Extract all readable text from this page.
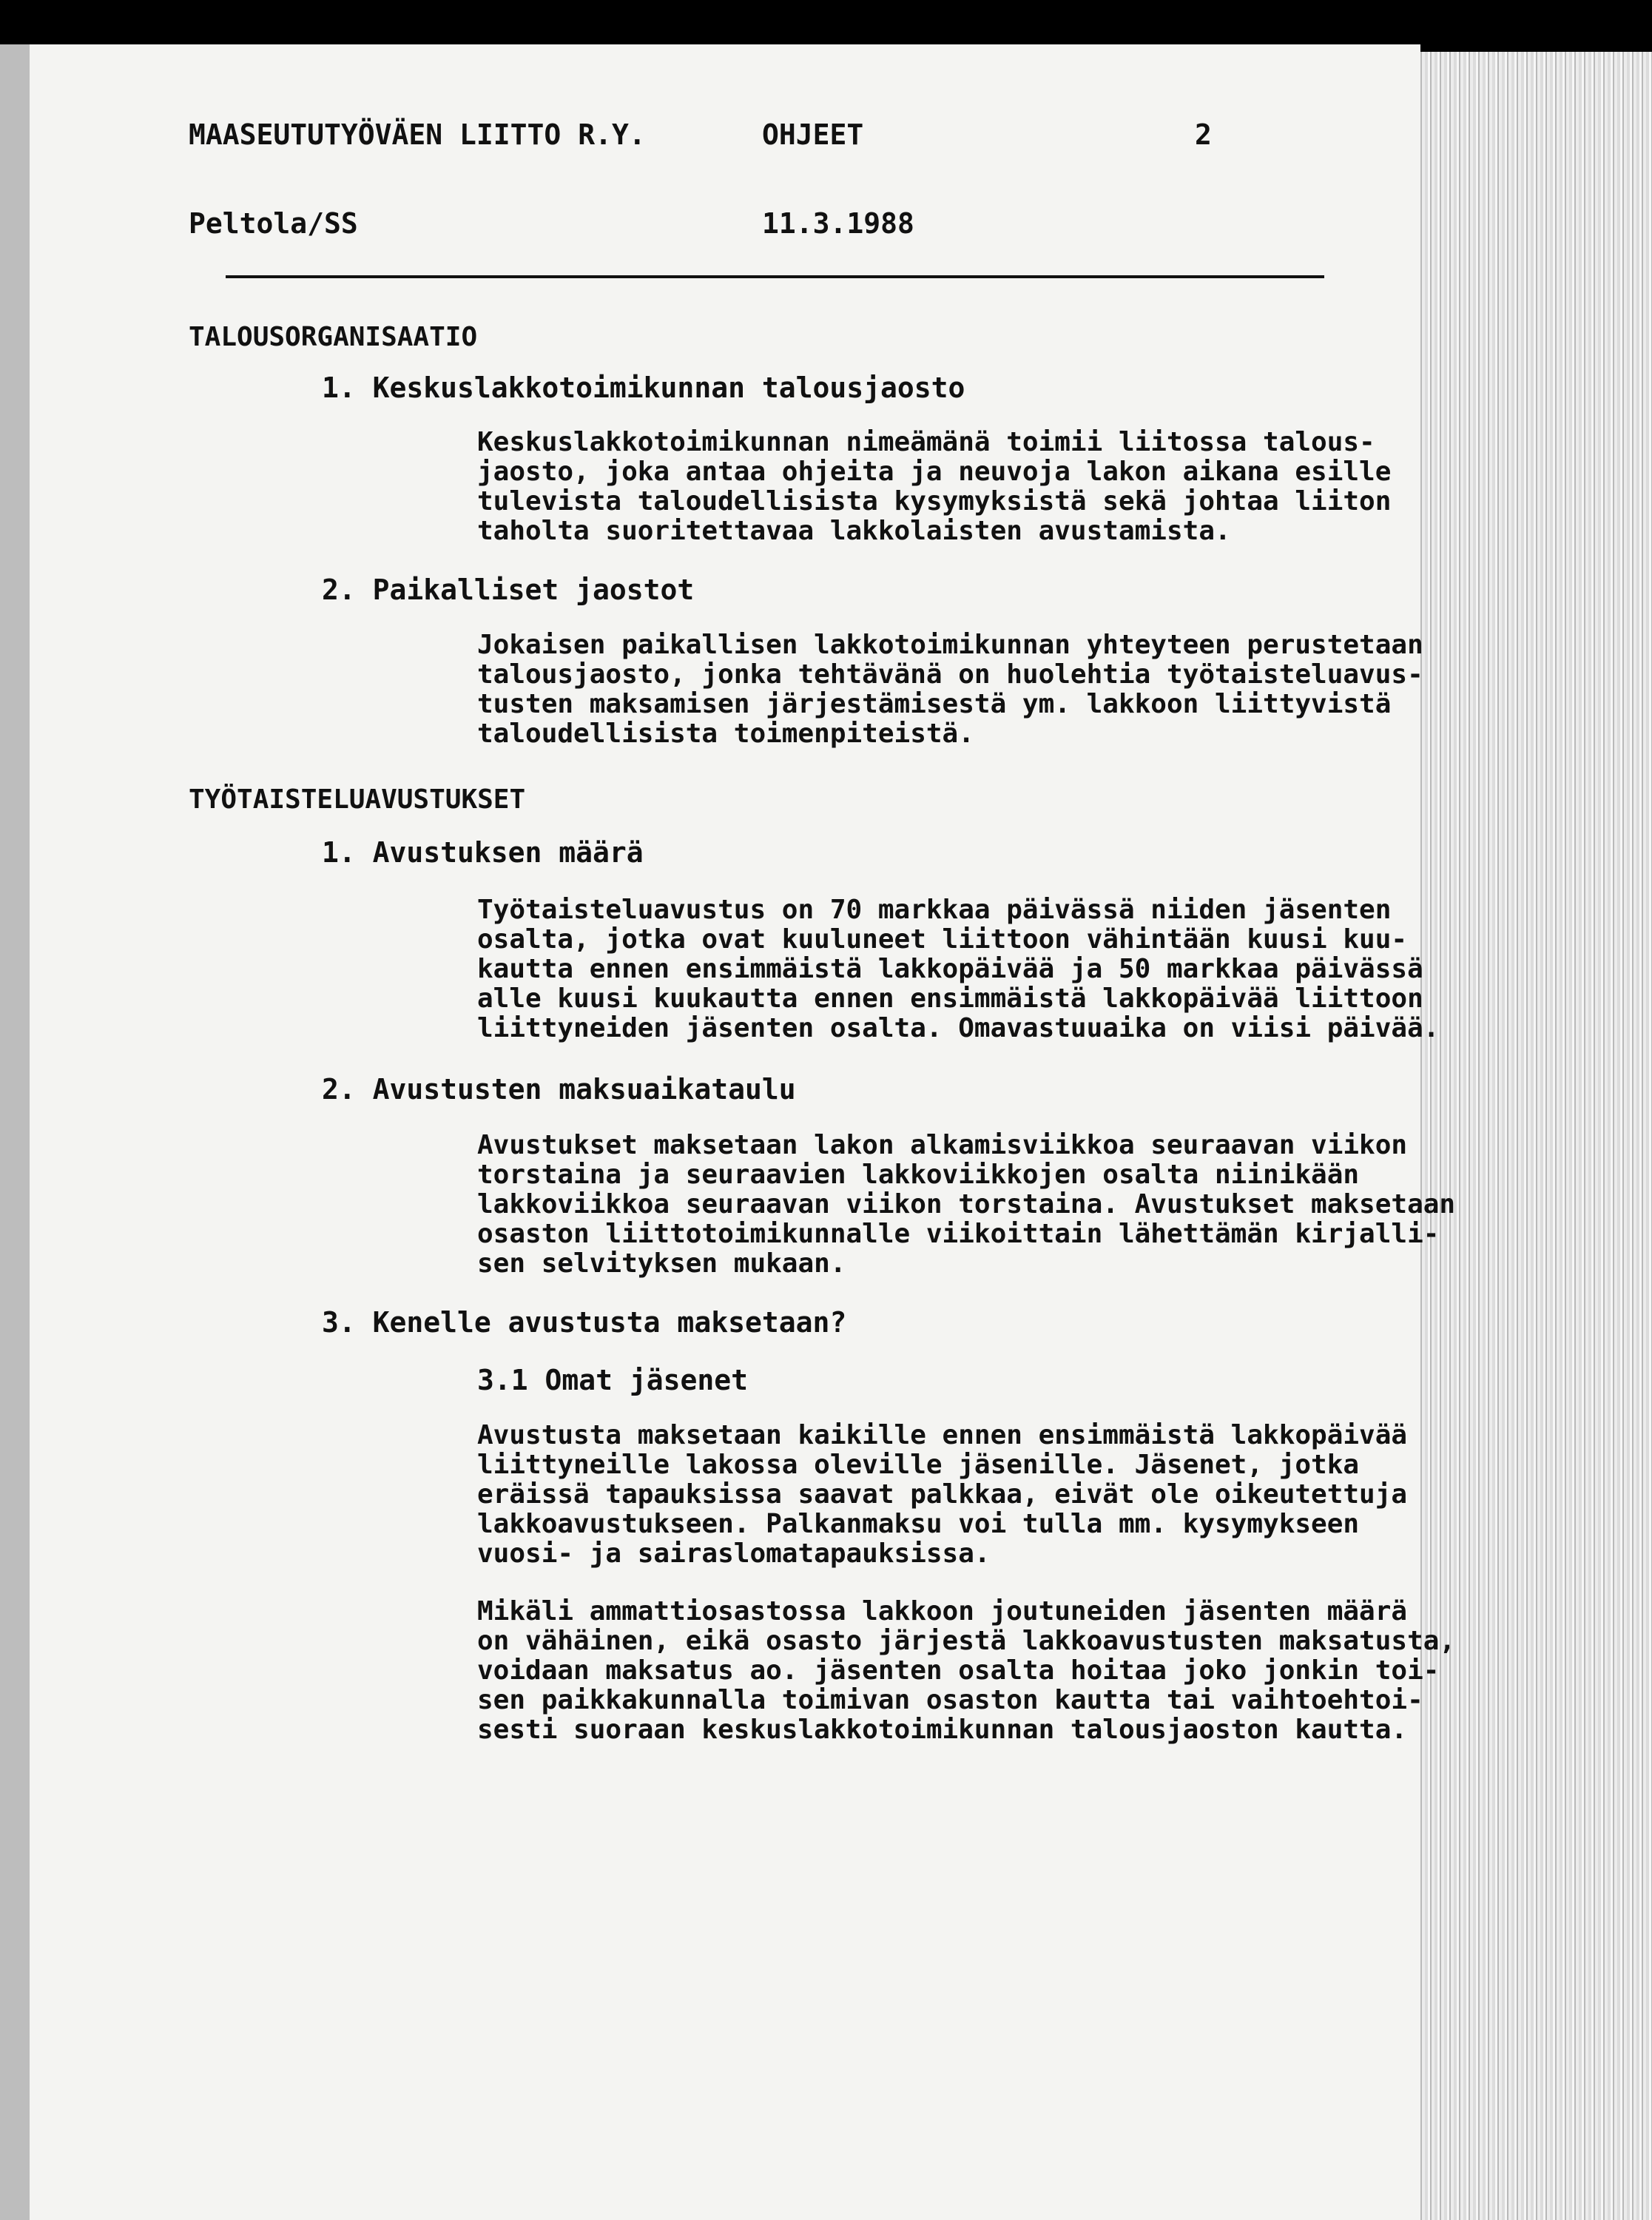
MAASEUTUTYÖVÄEN LIITTO R.Y.	OHJEET	2
Peltola/SS	11.3.1988
TALOUSORGANISAATIO
1. Keskuslakkotoimikunnan talousjaosto
Keskuslakkotoimikunnan nimeämänä toimii liitossa talous-
jaosto, joka antaa ohjeita ja neuvoja lakon aikana esille
tulevista taloudellisista kysymyksistä sekä johtaa liiton
taholta suoritettavaa lakkolaisten avustamista.
2. Paikalliset jaostot
Jokaisen paikallisen lakkotoimikunnan yhteyteen perustetaan
talousjaosto, jonka tehtävänä on huolehtia työtaisteluavus-
tusten maksamisen järjestämisestä ym. lakkoon liittyvistä
taloudellisista toimenpiteistä.
TYÖTAISTELUAVUSTUKSET
1. Avustuksen määrä
Työtaisteluavustus on 70 markkaa päivässä niiden jäsenten
osalta, jotka ovat kuuluneet liittoon vähintään kuusi kuu-
kautta ennen ensimmäistä lakkopäivää ja 50 markkaa päivässä
alle kuusi kuukautta ennen ensimmäistä lakkopäivää liittoon
liittyneiden jäsenten osalta. Omavastuuaika on viisi päivää.
2. Avustusten maksuaikataulu
Avustukset maksetaan lakon alkamisviikkoa seuraavan viikon
torstaina ja seuraavien lakkoviikkojen osalta niinikään
lakkoviikkoa seuraavan viikon torstaina. Avustukset maksetaan
osaston liittotoimikunnalle viikoittain lähettämän kirjalli-
sen selvityksen mukaan.
3. Kenelle avustusta maksetaan?
3.1 Omat jäsenet
Avustusta maksetaan kaikille ennen ensimmäistä lakkopäivää
liittyneille lakossa oleville jäsenille. Jäsenet, jotka
eräissä tapauksissa saavat palkkaa, eivät ole oikeutettuja
lakkoavustukseen. Palkanmaksu voi tulla mm. kysymykseen
vuosi- ja sairaslomatapauksissa.
Mikäli ammattiosastossa lakkoon joutuneiden jäsenten määrä
on vähäinen, eikä osasto järjestä lakkoavustusten maksatusta,
voidaan maksatus ao. jäsenten osalta hoitaa joko jonkin toi-
sen paikkakunnalla toimivan osaston kautta tai vaihtoehtoi-
sesti suoraan keskuslakkotoimikunnan talousjaoston kautta.
